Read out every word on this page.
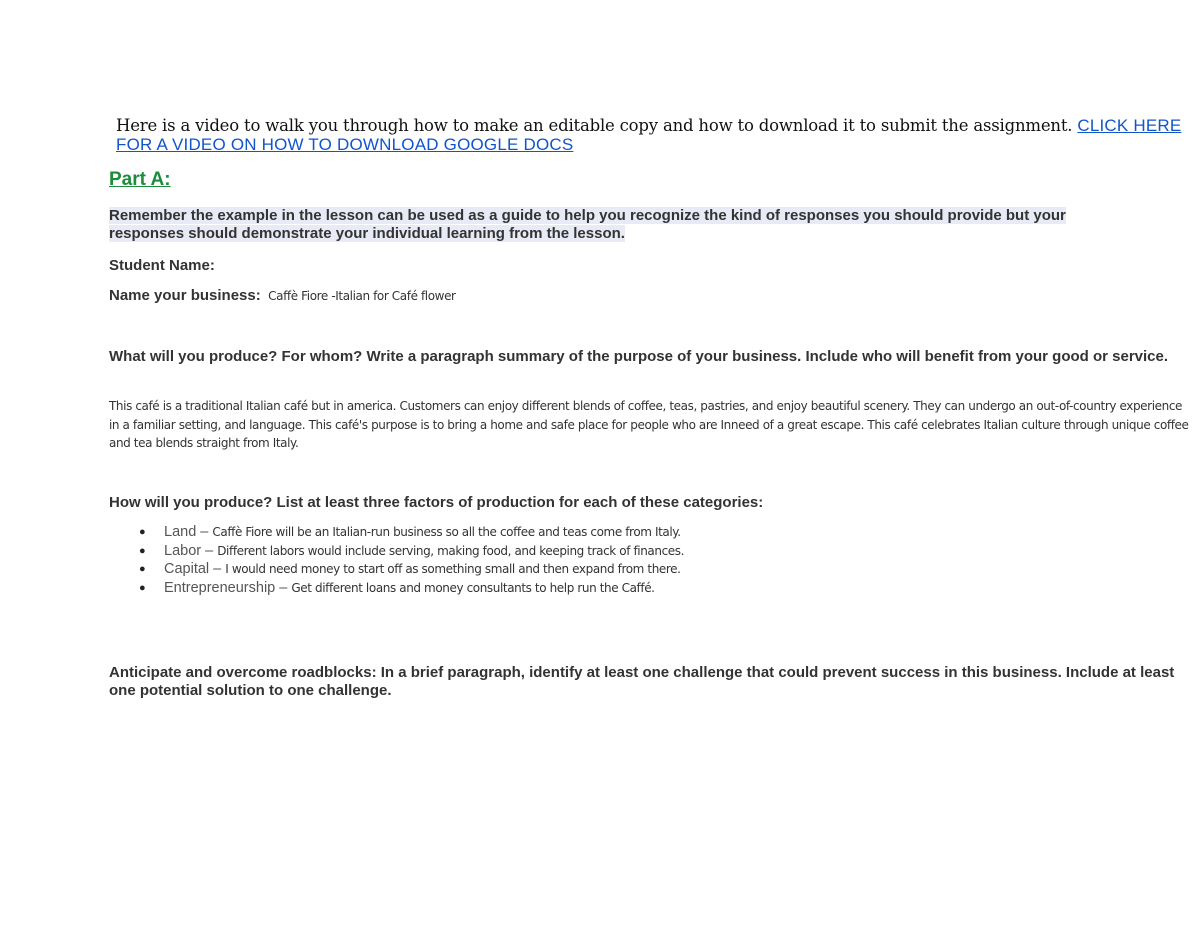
Here is a video to walk you through how to make an editable copy and how to download it to submit the assignment. CLICK HERE FOR A VIDEO ON HOW TO DOWNLOAD GOOGLE DOCS
Part A:
Remember the example in the lesson can be used as a guide to help you recognize the kind of responses you should provide but your responses should demonstrate your individual learning from the lesson.
Student Name:
Name your business: Caffè Fiore -Italian for Café flower
What will you produce? For whom? Write a paragraph summary of the purpose of your business. Include who will benefit from your good or service.
This café is a traditional Italian café but in america. Customers can enjoy different blends of coffee, teas, pastries, and enjoy beautiful scenery. They can undergo an out-of-country experience in a familiar setting, and language. This café's purpose is to bring a home and safe place for people who are Inneed of a great escape. This café celebrates Italian culture through unique coffee and tea blends straight from Italy.
How will you produce? List at least three factors of production for each of these categories:
● Land – Caffè Fiore will be an Italian-run business so all the coffee and teas come from Italy.
● Labor – Different labors would include serving, making food, and keeping track of finances.
● Capital – I would need money to start off as something small and then expand from there.
● Entrepreneurship – Get different loans and money consultants to help run the Caffé.
Anticipate and overcome roadblocks: In a brief paragraph, identify at least one challenge that could prevent success in this business. Include at least one potential solution to one challenge.
